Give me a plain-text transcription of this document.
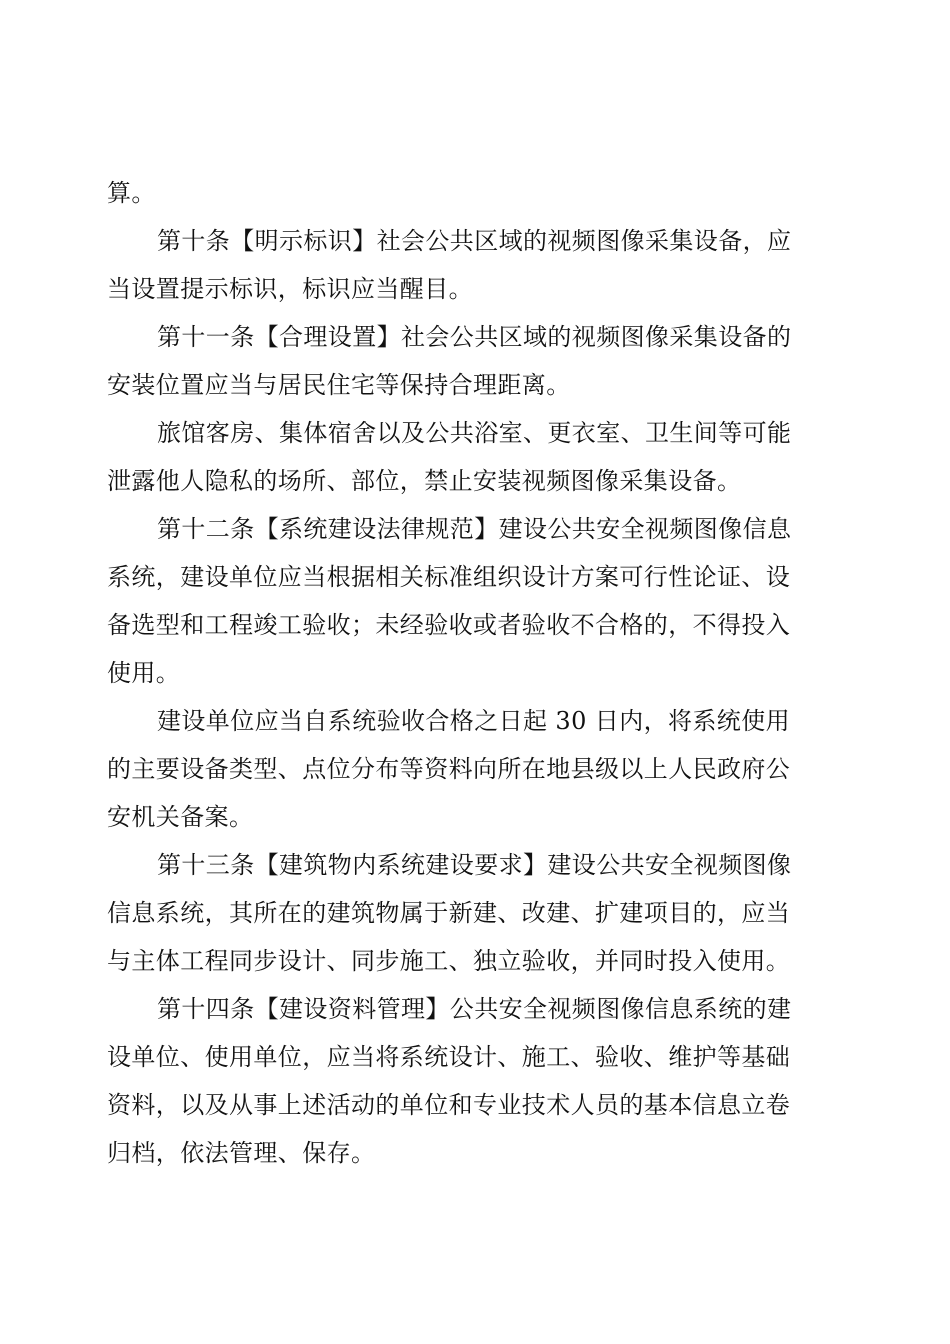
算。
第十条【明示标识】社会公共区域的视频图像采集设备，应
当设置提示标识，标识应当醒目。
第十一条【合理设置】社会公共区域的视频图像采集设备的
安装位置应当与居民住宅等保持合理距离。
旅馆客房、集体宿舍以及公共浴室、更衣室、卫生间等可能
泄露他人隐私的场所、部位，禁止安装视频图像采集设备。
第十二条【系统建设法律规范】建设公共安全视频图像信息
系统，建设单位应当根据相关标准组织设计方案可行性论证、设
备选型和工程竣工验收；未经验收或者验收不合格的，不得投入
使用。
建设单位应当自系统验收合格之日起 30 日内，将系统使用
的主要设备类型、点位分布等资料向所在地县级以上人民政府公
安机关备案。
第十三条【建筑物内系统建设要求】建设公共安全视频图像
信息系统，其所在的建筑物属于新建、改建、扩建项目的，应当
与主体工程同步设计、同步施工、独立验收，并同时投入使用。
第十四条【建设资料管理】公共安全视频图像信息系统的建
设单位、使用单位，应当将系统设计、施工、验收、维护等基础
资料，以及从事上述活动的单位和专业技术人员的基本信息立卷
归档，依法管理、保存。
